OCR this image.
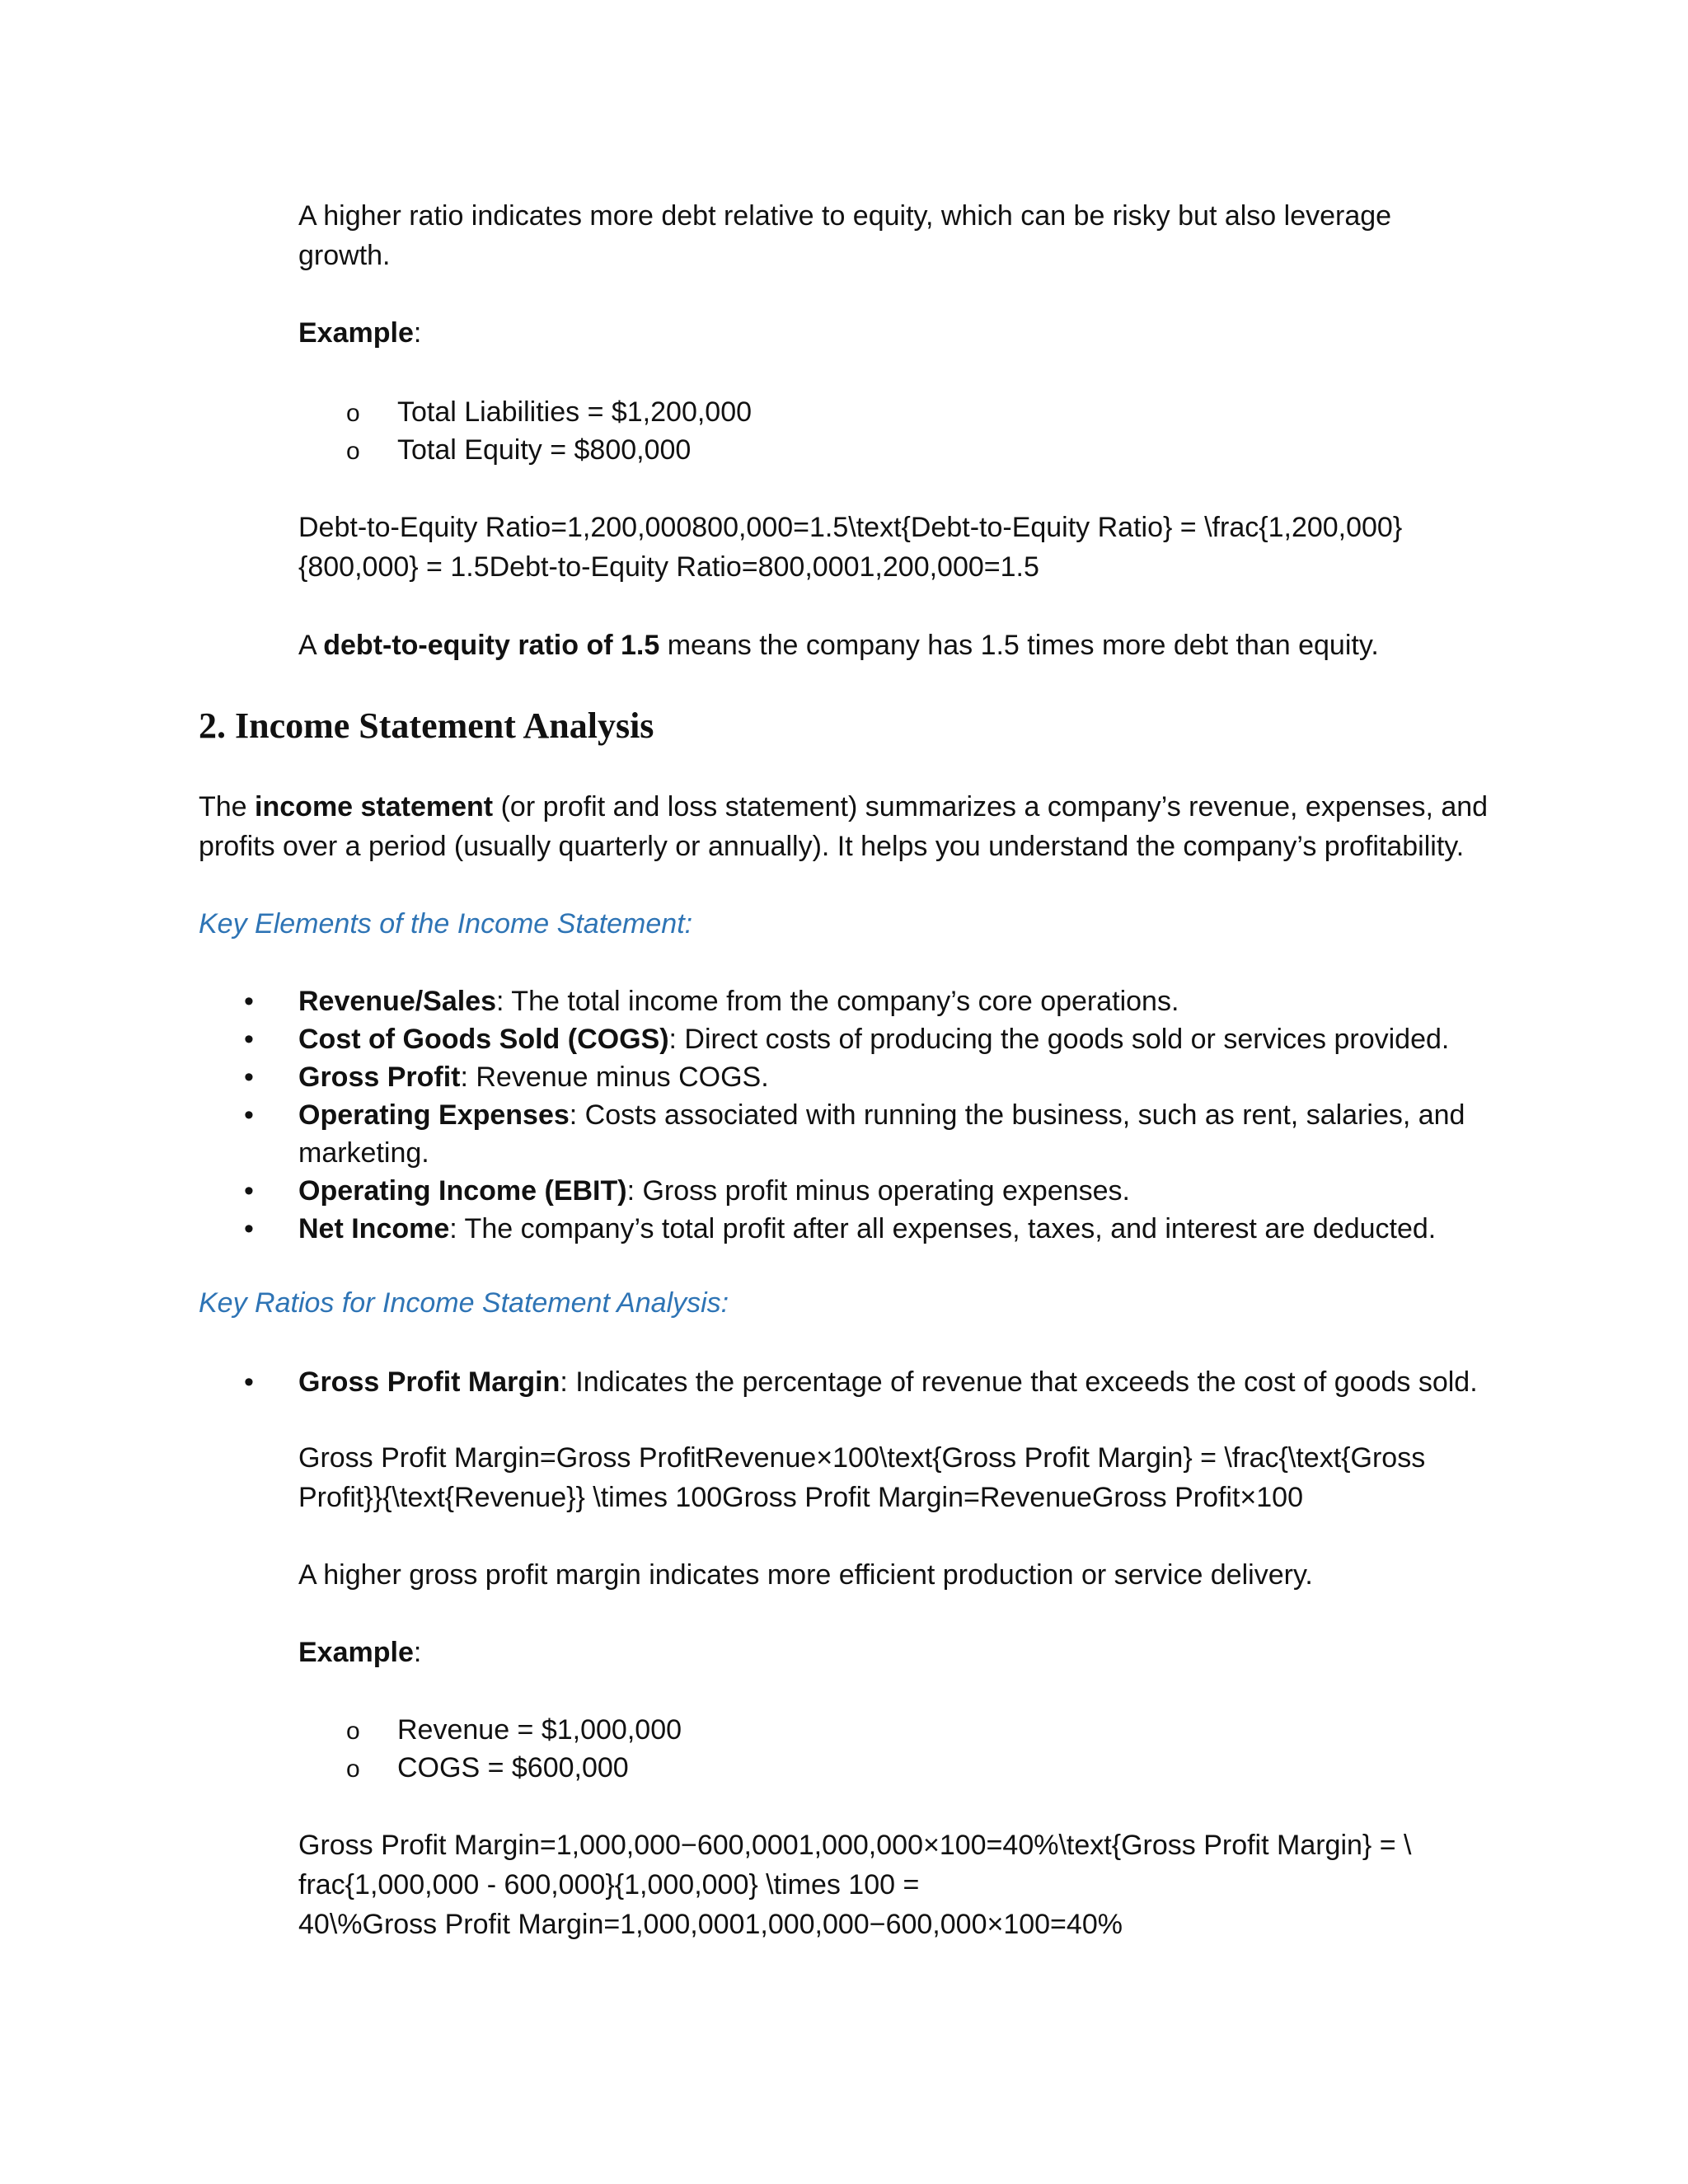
A higher ratio indicates more debt relative to equity, which can be risky but also leverage
growth.
Example:
o Total Liabilities = $1,200,000
o Total Equity = $800,000
Debt-to-Equity Ratio=1,200,000800,000=1.5\text{Debt-to-Equity Ratio} = \frac{1,200,000}
{800,000} = 1.5Debt-to-Equity Ratio=800,0001,200,000=1.5
A debt-to-equity ratio of 1.5 means the company has 1.5 times more debt than equity.
2. Income Statement Analysis
The income statement (or profit and loss statement) summarizes a company’s revenue, expenses, and
profits over a period (usually quarterly or annually). It helps you understand the company’s profitability.
Key Elements of the Income Statement:
• Revenue/Sales: The total income from the company’s core operations.
• Cost of Goods Sold (COGS): Direct costs of producing the goods sold or services provided.
• Gross Profit: Revenue minus COGS.
• Operating Expenses: Costs associated with running the business, such as rent, salaries, and
marketing.
• Operating Income (EBIT): Gross profit minus operating expenses.
• Net Income: The company’s total profit after all expenses, taxes, and interest are deducted.
Key Ratios for Income Statement Analysis:
• Gross Profit Margin: Indicates the percentage of revenue that exceeds the cost of goods sold.
Gross Profit Margin=Gross ProfitRevenue×100\text{Gross Profit Margin} = \frac{\text{Gross
Profit}}{\text{Revenue}} \times 100Gross Profit Margin=RevenueGross Profit×100
A higher gross profit margin indicates more efficient production or service delivery.
Example:
o Revenue = $1,000,000
o COGS = $600,000
Gross Profit Margin=1,000,000−600,0001,000,000×100=40%\text{Gross Profit Margin} = \
frac{1,000,000 - 600,000}{1,000,000} \times 100 =
40\%Gross Profit Margin=1,000,0001,000,000−600,000×100=40%
